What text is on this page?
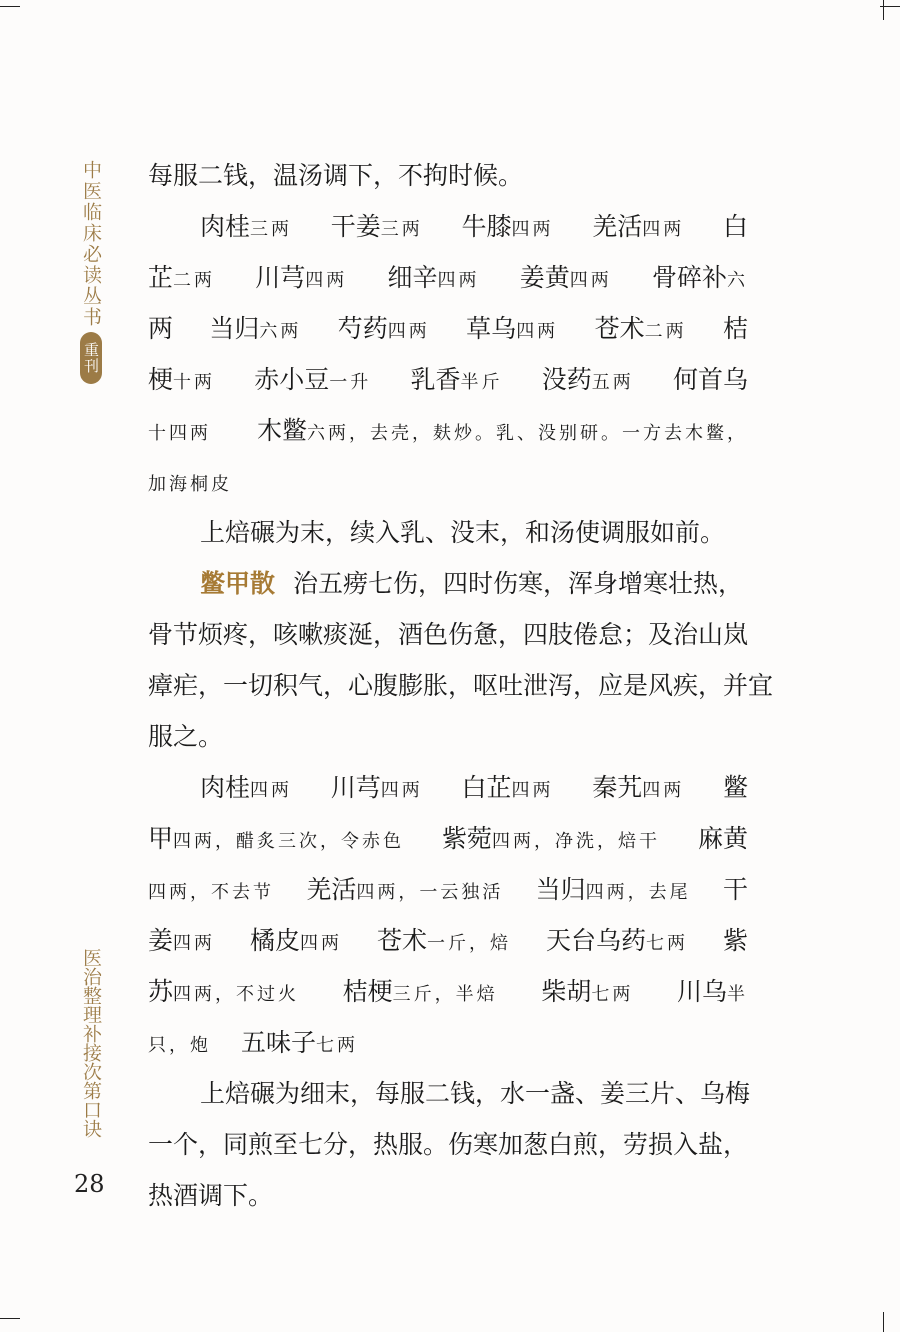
中医临床必读丛书
重刊
医治整理补接次第口诀
28
每服二钱，温汤调下，不拘时候。
肉桂三两 干姜三两 牛膝四两 羌活四两 白
芷二两 川芎四两 细辛四两 姜黄四两 骨碎补六
两 当归六两 芍药四两 草乌四两 苍术二两 桔
梗十两 赤小豆一升 乳香半斤 没药五两 何首乌
十四两 木鳖六两，去壳，麸炒。乳、没别研。一方去木鳖，
加海桐皮
上焙碾为末，续入乳、没末，和汤使调服如前。
鳖甲散 治五痨七伤，四时伤寒，浑身增寒壮热，
骨节烦疼，咳嗽痰涎，酒色伤惫，四肢倦怠；及治山岚
瘴疟，一切积气，心腹膨胀，呕吐泄泻，应是风疾，并宜
服之。
肉桂四两 川芎四两 白芷四两 秦艽四两 鳖
甲四两，醋炙三次，令赤色 紫菀四两，净洗，焙干 麻黄
四两，不去节 羌活四两，一云独活 当归四两，去尾 干
姜四两 橘皮四两 苍术一斤，焙 天台乌药七两 紫
苏四两，不过火 桔梗三斤，半焙 柴胡七两 川乌半
只，炮 五味子七两
上焙碾为细末，每服二钱，水一盏、姜三片、乌梅
一个，同煎至七分，热服。伤寒加葱白煎，劳损入盐，
热酒调下。
